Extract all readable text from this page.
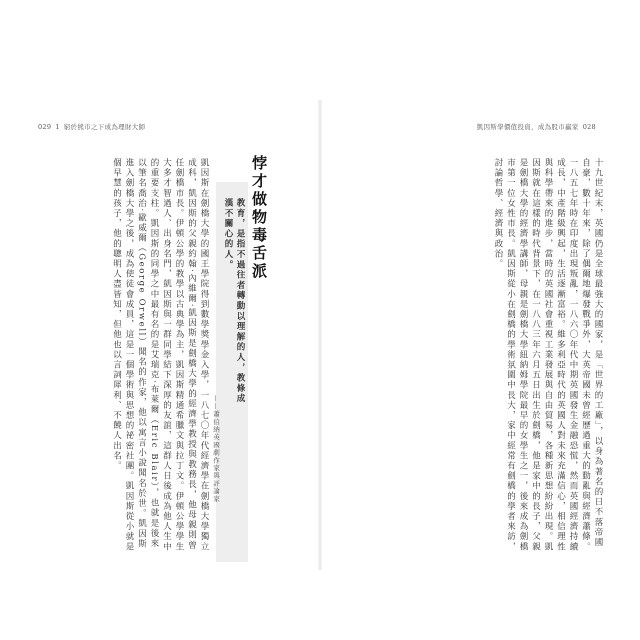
029 1 窮於熊市之下成為理財大師
凱因斯在劍橋大學的國王學院得到數學獎學金入學，一八七〇年代經濟學在劍橋大學獨立成科，凱因斯的父親約翰‧內維爾‧凱因斯是劍橋大學的經濟學教授與教務長，他母親則曾任劍橋市長。伊頓公學的教學以古典學為主，凱因斯精通希臘文與拉丁文。伊頓公學學生大多才智過人、出身名門，凱因斯與一群同學結下深厚的友誼，這群人日後成為他人生中的重要支柱。凱因斯的同學之中最有名的是艾瑞克‧布萊爾（Eric Blair），也就是後來以筆名喬治‧歐威爾（George Orwell）聞名的作家，他以寓言小說聞名於世。凱因斯進入劍橋大學之後，成為使徒會成員，這是一個學術與思想的祕密社團。凱因斯從小就是個早慧的孩子，他的聰明人盡皆知，但他也以言詞犀利、不饒人出名。	教育，是指不過往者轉動以理解的人，教條成漢不關心的人。
——蕭伯納英國劇作家與評論家
悖才做物毒舌派
凱因斯學價值投資，成為股市贏家 028
十九世紀末，英國仍是全球最強大的國家，是「世界的工廠」，以身為著名的日不落帝國自豪，數十年來，除了偶爾地爆發戰爭外，大英帝國未曾經歷過重大的動亂與經濟蕭條。一八五七年時在印度出現叛亂，一八六〇年代中期英國發生金融恐慌，然而英國經濟持續成長，中產階級興起，生活逐漸富裕。維多利亞時代的英國人對未來充滿信心，相信理性與科學帶來的進步，當時的英國社會重視工業發展與自由貿易，各種新思想紛紛出現。凱因斯就在這樣的時代背景下，在一八八三年六月五日出生於劍橋，他是家中的長子，父親是劍橋大學的經濟學講師，母親是劍橋大學紐納姆學院最早的女學生之一，後來成為劍橋市第一位女性市長。凱因斯從小在劍橋的學術氛圍中長大，家中經常有劍橋的學者來訪，討論哲學、經濟與政治。
